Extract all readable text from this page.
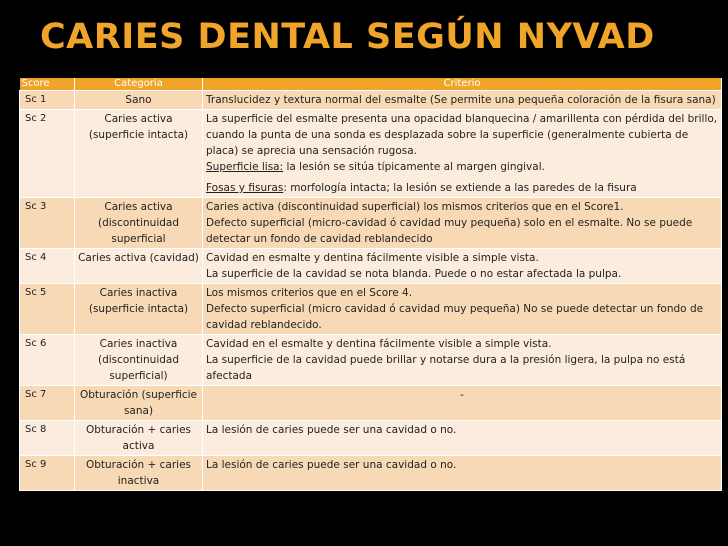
CARIES DENTAL SEGÚN NYVAD
Score	Categoria	Criterio
Sc 1	Sano	Translucidez y textura normal del esmalte (Se permite una pequeña coloración de la fisura sana)

Sc 2	Caries activa (superficie intacta)	La superficie del esmalte presenta una opacidad blanquecina / amarillenta con pérdida del brillo, cuando la punta de una sonda es desplazada sobre la superficie (generalmente cubierta de placa) se aprecia una sensación rugosa.
Superficie lisa: la lesión se sitúa típicamente al margen gingival.
Fosas y fisuras: morfología intacta; la lesión se extiende a las paredes de la fisura

Sc 3	Caries activa (discontinuidad superficial	Caries activa (discontinuidad superficial) los mismos criterios que en el Score1.
Defecto superficial (micro-cavidad ó cavidad muy pequeña) solo en el esmalte. No se puede detectar un fondo de cavidad reblandecido

Sc 4	Caries activa (cavidad)	Cavidad en esmalte y dentina fácilmente visible a simple vista.
La superficie de la cavidad se nota blanda. Puede o no estar afectada la pulpa.

Sc 5	Caries inactiva (superficie intacta)	Los mismos criterios que en el Score 4.
Defecto superficial (micro cavidad ó cavidad muy pequeña) No se puede detectar un fondo de cavidad reblandecido.

Sc 6	Caries inactiva (discontinuidad superficial)	Cavidad en el esmalte y dentina fácilmente visible a simple vista.
La superficie de la cavidad puede brillar y notarse dura a la presión ligera, la pulpa no está afectada

Sc 7	Obturación (superficie sana)	-

Sc 8	Obturación + caries activa	La lesión de caries puede ser una cavidad o no.

Sc 9	Obturación + caries inactiva	La lesión de caries puede ser una cavidad o no.
